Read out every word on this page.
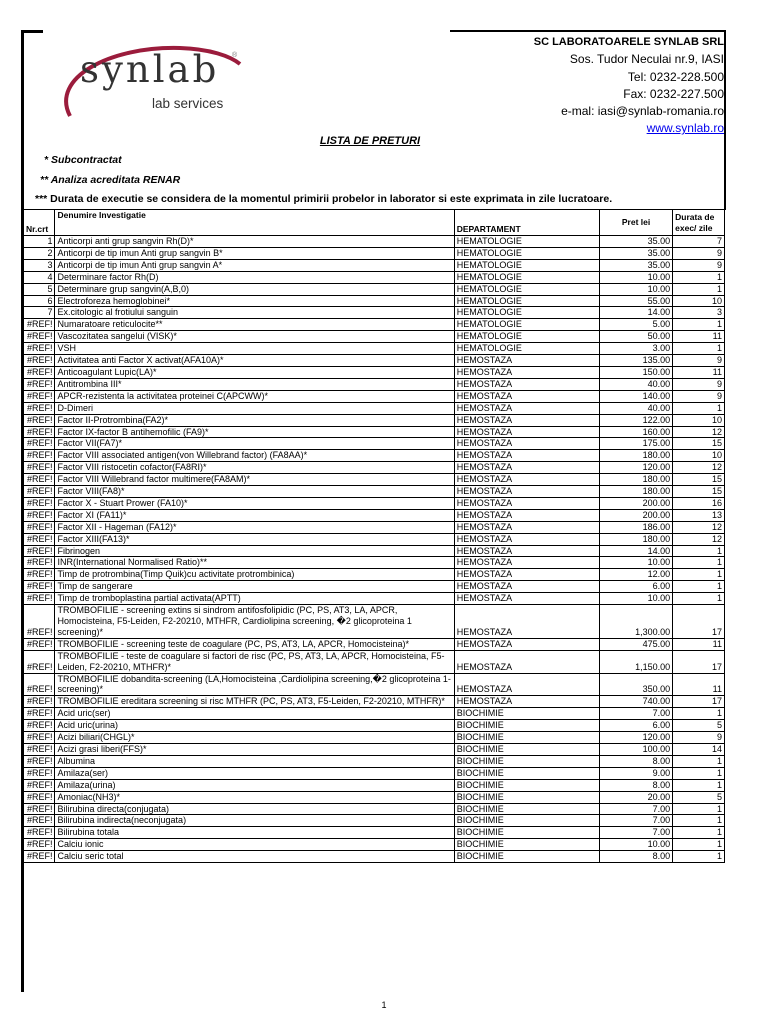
synlab ®
lab services
SC LABORATOARELE SYNLAB SRL
Sos. Tudor Neculai nr.9, IASI
Tel: 0232-228.500
Fax: 0232-227.500
e-mal: iasi@synlab-romania.ro
www.synlab.ro
LISTA DE PRETURI
* Subcontractat
** Analiza acreditata RENAR
*** Durata de executie se considera de la momentul primirii probelor in laborator si este exprimata in zile lucratoare.
Nr.crt	Denumire Investigatie	DEPARTAMENT	Pret lei	Durata de exec/ zile
1	Anticorpi anti grup sangvin Rh(D)*	HEMATOLOGIE	35.00	7
2	Anticorpi de tip imun Anti grup sangvin B*	HEMATOLOGIE	35.00	9
3	Anticorpi de tip imun Anti grup sangvin A*	HEMATOLOGIE	35.00	9
4	Determinare factor Rh(D)	HEMATOLOGIE	10.00	1
5	Determinare grup sangvin(A,B,0)	HEMATOLOGIE	10.00	1
6	Electroforeza hemoglobinei*	HEMATOLOGIE	55.00	10
7	Ex.citologic al frotiului sanguin	HEMATOLOGIE	14.00	3
#REF!	Numaratoare reticulocite**	HEMATOLOGIE	5.00	1
#REF!	Vascozitatea sangelui (VISK)*	HEMATOLOGIE	50.00	11
#REF!	VSH	HEMATOLOGIE	3.00	1
#REF!	Activitatea anti Factor X activat(AFA10A)*	HEMOSTAZA	135.00	9
#REF!	Anticoagulant Lupic(LA)*	HEMOSTAZA	150.00	11
#REF!	Antitrombina III*	HEMOSTAZA	40.00	9
#REF!	APCR-rezistenta la activitatea proteinei C(APCWW)*	HEMOSTAZA	140.00	9
#REF!	D-Dimeri	HEMOSTAZA	40.00	1
#REF!	Factor II-Protrombina(FA2)*	HEMOSTAZA	122.00	10
#REF!	Factor IX-factor B antihemofilic (FA9)*	HEMOSTAZA	160.00	12
#REF!	Factor VII(FA7)*	HEMOSTAZA	175.00	15
#REF!	Factor VIII associated antigen(von Willebrand factor) (FA8AA)*	HEMOSTAZA	180.00	10
#REF!	Factor VIII ristocetin cofactor(FA8RI)*	HEMOSTAZA	120.00	12
#REF!	Factor VIII Willebrand factor multimere(FA8AM)*	HEMOSTAZA	180.00	15
#REF!	Factor VIII(FA8)*	HEMOSTAZA	180.00	15
#REF!	Factor X - Stuart Prower (FA10)*	HEMOSTAZA	200.00	16
#REF!	Factor XI (FA11)*	HEMOSTAZA	200.00	13
#REF!	Factor XII - Hageman (FA12)*	HEMOSTAZA	186.00	12
#REF!	Factor XIII(FA13)*	HEMOSTAZA	180.00	12
#REF!	Fibrinogen	HEMOSTAZA	14.00	1
#REF!	INR(International Normalised Ratio)**	HEMOSTAZA	10.00	1
#REF!	Timp de protrombina(Timp Quik)cu activitate protrombinica)	HEMOSTAZA	12.00	1
#REF!	Timp de sangerare	HEMOSTAZA	6.00	1
#REF!	Timp de tromboplastina partial activata(APTT)	HEMOSTAZA	10.00	1
#REF!	TROMBOFILIE - screening extins si sindrom antifosfolipidic (PC, PS, AT3, LA, APCR, Homocisteina, F5-Leiden, F2-20210, MTHFR, Cardiolipina screening, �2 glicoproteina 1 screening)*	HEMOSTAZA	1,300.00	17
#REF!	TROMBOFILIE - screening teste de coagulare (PC, PS, AT3, LA, APCR, Homocisteina)*	HEMOSTAZA	475.00	11
#REF!	TROMBOFILIE - teste de coagulare si factori de risc (PC, PS, AT3, LA, APCR, Homocisteina, F5-Leiden, F2-20210, MTHFR)*	HEMOSTAZA	1,150.00	17
#REF!	TROMBOFILIE dobandita-screening (LA,Homocisteina ,Cardiolipina screening,�2 glicoproteina 1-screening)*	HEMOSTAZA	350.00	11
#REF!	TROMBOFILIE ereditara screening si risc MTHFR (PC, PS, AT3, F5-Leiden, F2-20210, MTHFR)*	HEMOSTAZA	740.00	17
#REF!	Acid uric(ser)	BIOCHIMIE	7.00	1
#REF!	Acid uric(urina)	BIOCHIMIE	6.00	5
#REF!	Acizi biliari(CHGL)*	BIOCHIMIE	120.00	9
#REF!	Acizi grasi liberi(FFS)*	BIOCHIMIE	100.00	14
#REF!	Albumina	BIOCHIMIE	8.00	1
#REF!	Amilaza(ser)	BIOCHIMIE	9.00	1
#REF!	Amilaza(urina)	BIOCHIMIE	8.00	1
#REF!	Amoniac(NH3)*	BIOCHIMIE	20.00	5
#REF!	Bilirubina directa(conjugata)	BIOCHIMIE	7.00	1
#REF!	Bilirubina indirecta(neconjugata)	BIOCHIMIE	7.00	1
#REF!	Bilirubina totala	BIOCHIMIE	7.00	1
#REF!	Calciu ionic	BIOCHIMIE	10.00	1
#REF!	Calciu seric total	BIOCHIMIE	8.00	1
1
